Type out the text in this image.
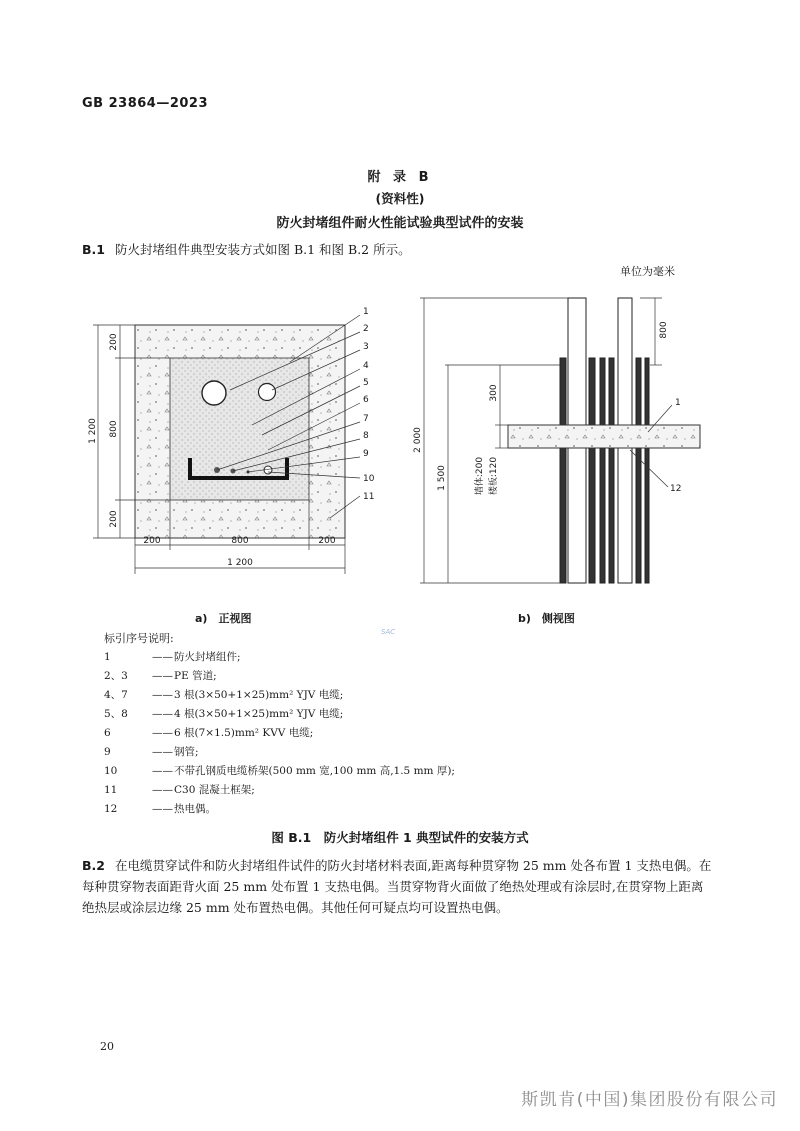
GB 23864—2023
附 录 B
(资料性)
防火封堵组件耐火性能试验典型试件的安装
B.1 防火封堵组件典型安装方式如图 B.1 和图 B.2 所示。
单位为毫米
1
2
3
4
5
6
7
8
9
10
11
200
800
200
1 200
200	800	200
1 200
2 000
1 500
300
800
墙体:200 楼板:120
1
12
a)　正视图	b)　侧视图
SAC
标引序号说明:
1	——防火封堵组件;
2、3 ——PE 管道;
4、7 ——3 根(3×50+1×25)mm² YJV 电缆;
5、8 ——4 根(3×50+1×25)mm² YJV 电缆;
6	——6 根(7×1.5)mm² KVV 电缆;
9	——钢管;
10	——不带孔钢质电缆桥架(500 mm 宽,100 mm 高,1.5 mm 厚);
11	——C30 混凝土框架;
12	——热电偶。
图 B.1　防火封堵组件 1 典型试件的安装方式
B.2 在电缆贯穿试件和防火封堵组件试件的防火封堵材料表面,距离每种贯穿物 25 mm 处各布置 1 支热电偶。在每种贯穿物表面距背火面 25 mm 处布置 1 支热电偶。当贯穿物背火面做了绝热处理或有涂层时,在贯穿物上距离绝热层或涂层边缘 25 mm 处布置热电偶。其他任何可疑点均可设置热电偶。
20
斯凯肯(中国)集团股份有限公司
